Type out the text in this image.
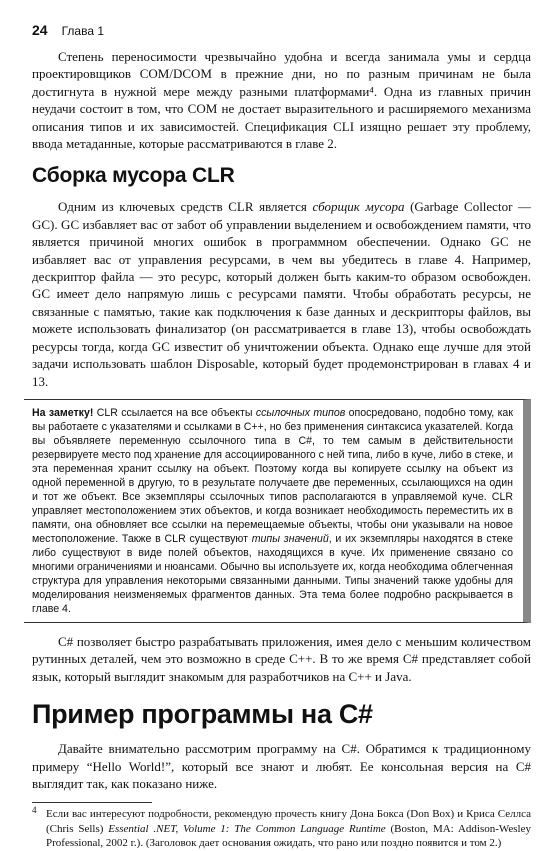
24 Глава 1

Степень переносимости чрезвычайно удобна и всегда занимала умы и сердца проектировщиков COM/DCOM в прежние дни, но по разным причинам не была достигнута в нужной мере между разными платформами⁴. Одна из главных причин неудачи состоит в том, что COM не достает выразительного и расширяемого механизма описания типов и их зависимостей. Спецификация CLI изящно решает эту проблему, ввода метаданные, которые рассматриваются в главе 2.

Сборка мусора CLR

Одним из ключевых средств CLR является сборщик мусора (Garbage Collector — GC). GC избавляет вас от забот об управлении выделением и освобождением памяти, что является причиной многих ошибок в программном обеспечении. Однако GC не избавляет вас от управления ресурсами, в чем вы убедитесь в главе 4. Например, дескриптор файла — это ресурс, который должен быть каким-то образом освобожден. GC имеет дело напрямую лишь с ресурсами памяти. Чтобы обработать ресурсы, не связанные с памятью, такие как подключения к базе данных и дескрипторы файлов, вы можете использовать финализатор (он рассматривается в главе 13), чтобы освобождать ресурсы тогда, когда GC известит об уничтожении объекта. Однако еще лучше для этой задачи использовать шаблон Disposable, который будет продемонстрирован в главах 4 и 13.

На заметку! CLR ссылается на все объекты ссылочных типов опосредовано, подобно тому, как вы работаете с указателями и ссылками в C++, но без применения синтаксиса указателей. Когда вы объявляете переменную ссылочного типа в C#, то тем самым в действительности резервируете место под хранение для ассоциированного с ней типа, либо в куче, либо в стеке, и эта переменная хранит ссылку на объект. Поэтому когда вы копируете ссылку на объект из одной переменной в другую, то в результате получаете две переменных, ссылающихся на один и тот же объект. Все экземпляры ссылочных типов располагаются в управляемой куче. CLR управляет местоположением этих объектов, и когда возникает необходимость переместить их в памяти, она обновляет все ссылки на перемещаемые объекты, чтобы они указывали на новое местоположение. Также в CLR существуют типы значений, и их экземпляры находятся в стеке либо существуют в виде полей объектов, находящихся в куче. Их применение связано со многими ограничениями и нюансами. Обычно вы используете их, когда необходима облегченная структура для управления некоторыми связанными данными. Типы значений также удобны для моделирования неизменяемых фрагментов данных. Эта тема более подробно раскрывается в главе 4.

C# позволяет быстро разрабатывать приложения, имея дело с меньшим количеством рутинных деталей, чем это возможно в среде C++. В то же время C# представляет собой язык, который выглядит знакомым для разработчиков на C++ и Java.

Пример программы на C#

Давайте внимательно рассмотрим программу на C#. Обратимся к традиционному примеру “Hello World!”, который все знают и любят. Ее консольная версия на C# выглядит так, как показано ниже.

4 Если вас интересуют подробности, рекомендую прочесть книгу Дона Бокса (Don Box) и Криса Селлса (Chris Sells) Essential .NET, Volume 1: The Common Language Runtime (Boston, MA: Addison-Wesley Professional, 2002 г.). (Заголовок дает основания ожидать, что рано или поздно появится и том 2.)
